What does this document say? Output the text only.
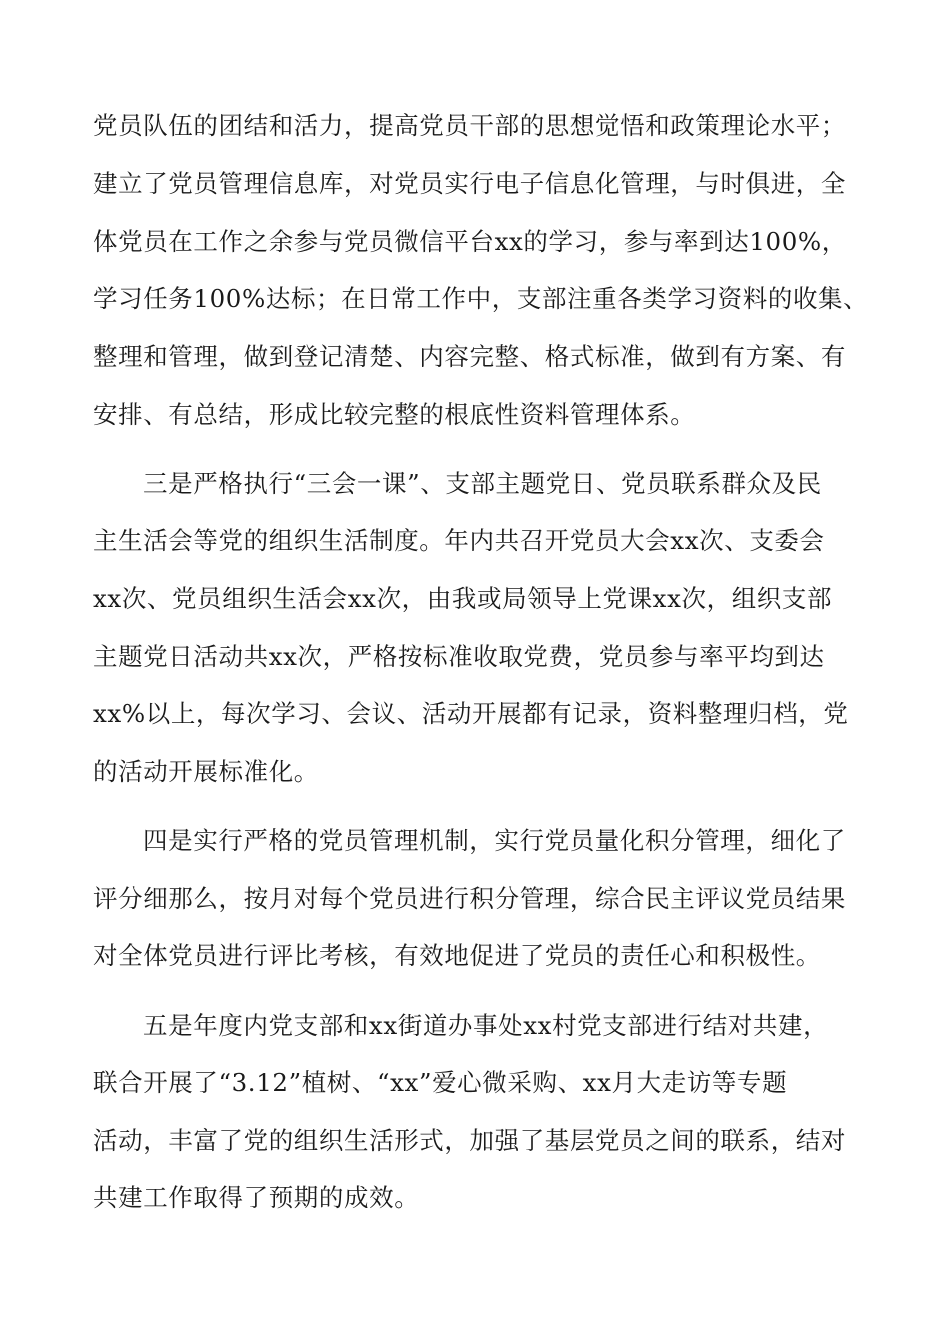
党员队伍的团结和活力，提高党员干部的思想觉悟和政策理论水平；
建立了党员管理信息库，对党员实行电子信息化管理，与时俱进，全
体党员在工作之余参与党员微信平台xx的学习，参与率到达100%，
学习任务100%达标；在日常工作中，支部注重各类学习资料的收集、
整理和管理，做到登记清楚、内容完整、格式标准，做到有方案、有
安排、有总结，形成比较完整的根底性资料管理体系。
三是严格执行“三会一课”、支部主题党日、党员联系群众及民
主生活会等党的组织生活制度。年内共召开党员大会xx次、支委会
xx次、党员组织生活会xx次，由我或局领导上党课xx次，组织支部
主题党日活动共xx次，严格按标准收取党费，党员参与率平均到达
xx%以上，每次学习、会议、活动开展都有记录，资料整理归档，党
的活动开展标准化。
四是实行严格的党员管理机制，实行党员量化积分管理，细化了
评分细那么，按月对每个党员进行积分管理，综合民主评议党员结果
对全体党员进行评比考核，有效地促进了党员的责任心和积极性。
五是年度内党支部和xx街道办事处xx村党支部进行结对共建，
联合开展了“3.12”植树、“xx”爱心微采购、xx月大走访等专题
活动，丰富了党的组织生活形式，加强了基层党员之间的联系，结对
共建工作取得了预期的成效。
